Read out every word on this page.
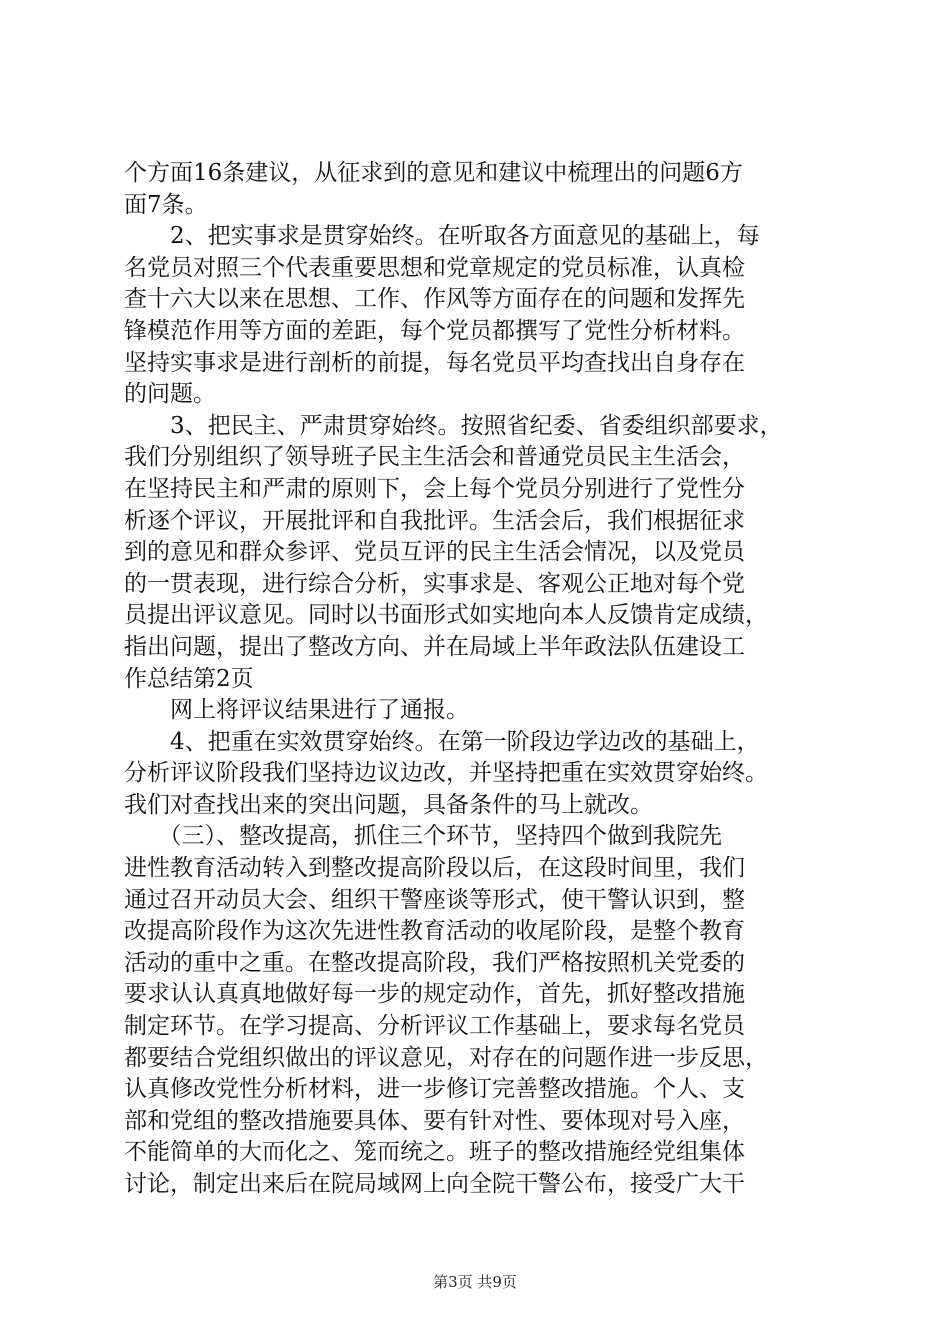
个方面16条建议，从征求到的意见和建议中梳理出的问题6方
面7条。
　　2、把实事求是贯穿始终。在听取各方面意见的基础上，每
名党员对照三个代表重要思想和党章规定的党员标准，认真检
查十六大以来在思想、工作、作风等方面存在的问题和发挥先
锋模范作用等方面的差距，每个党员都撰写了党性分析材料。
坚持实事求是进行剖析的前提，每名党员平均查找出自身存在
的问题。
　　3、把民主、严肃贯穿始终。按照省纪委、省委组织部要求，
我们分别组织了领导班子民主生活会和普通党员民主生活会，
在坚持民主和严肃的原则下，会上每个党员分别进行了党性分
析逐个评议，开展批评和自我批评。生活会后，我们根据征求
到的意见和群众参评、党员互评的民主生活会情况，以及党员
的一贯表现，进行综合分析，实事求是、客观公正地对每个党
员提出评议意见。同时以书面形式如实地向本人反馈肯定成绩，
指出问题，提出了整改方向、并在局域上半年政法队伍建设工
作总结第2页
　　网上将评议结果进行了通报。
　　4、把重在实效贯穿始终。在第一阶段边学边改的基础上，
分析评议阶段我们坚持边议边改，并坚持把重在实效贯穿始终。
我们对查找出来的突出问题，具备条件的马上就改。
　　（三）、整改提高，抓住三个环节，坚持四个做到我院先
进性教育活动转入到整改提高阶段以后，在这段时间里，我们
通过召开动员大会、组织干警座谈等形式，使干警认识到，整
改提高阶段作为这次先进性教育活动的收尾阶段，是整个教育
活动的重中之重。在整改提高阶段，我们严格按照机关党委的
要求认认真真地做好每一步的规定动作，首先，抓好整改措施
制定环节。在学习提高、分析评议工作基础上，要求每名党员
都要结合党组织做出的评议意见，对存在的问题作进一步反思，
认真修改党性分析材料，进一步修订完善整改措施。个人、支
部和党组的整改措施要具体、要有针对性、要体现对号入座，
不能简单的大而化之、笼而统之。班子的整改措施经党组集体
讨论，制定出来后在院局域网上向全院干警公布，接受广大干
第3页 共9页
